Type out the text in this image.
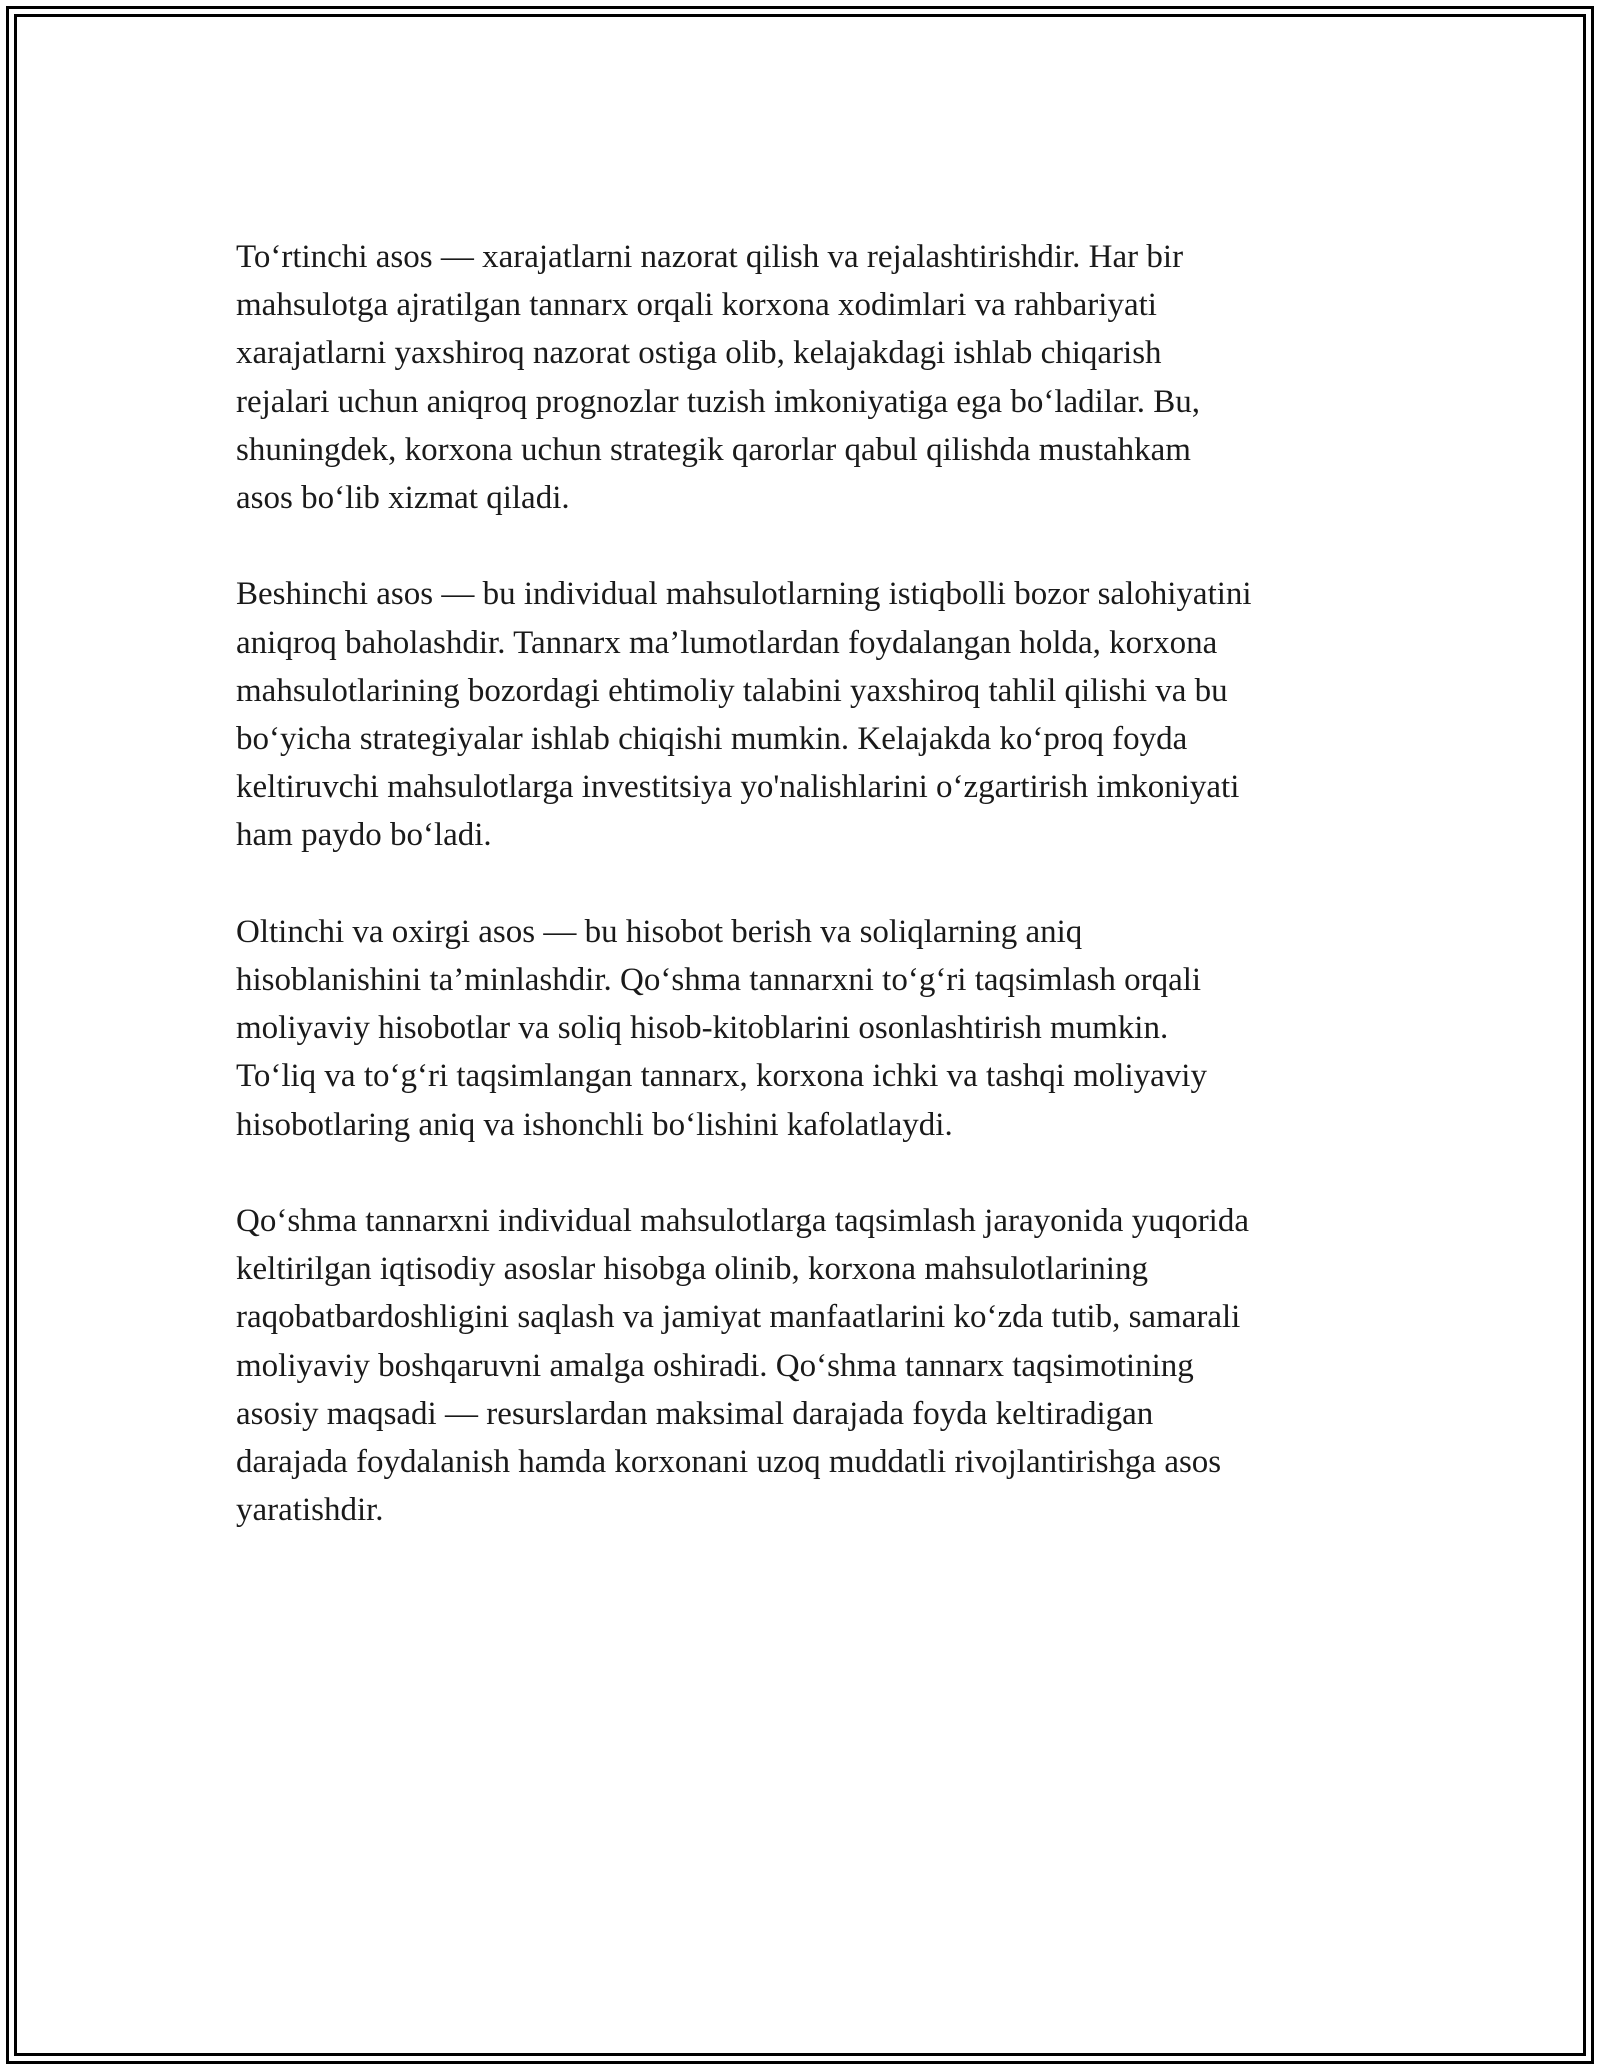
To‘rtinchi asos — xarajatlarni nazorat qilish va rejalashtirishdir. Har bir
mahsulotga ajratilgan tannarx orqali korxona xodimlari va rahbariyati
xarajatlarni yaxshiroq nazorat ostiga olib, kelajakdagi ishlab chiqarish
rejalari uchun aniqroq prognozlar tuzish imkoniyatiga ega bo‘ladilar. Bu,
shuningdek, korxona uchun strategik qarorlar qabul qilishda mustahkam
asos bo‘lib xizmat qiladi.

Beshinchi asos — bu individual mahsulotlarning istiqbolli bozor salohiyatini
aniqroq baholashdir. Tannarx ma’lumotlardan foydalangan holda, korxona
mahsulotlarining bozordagi ehtimoliy talabini yaxshiroq tahlil qilishi va bu
bo‘yicha strategiyalar ishlab chiqishi mumkin. Kelajakda ko‘proq foyda
keltiruvchi mahsulotlarga investitsiya yo'nalishlarini o‘zgartirish imkoniyati
ham paydo bo‘ladi.

Oltinchi va oxirgi asos — bu hisobot berish va soliqlarning aniq
hisoblanishini ta’minlashdir. Qo‘shma tannarxni to‘g‘ri taqsimlash orqali
moliyaviy hisobotlar va soliq hisob-kitoblarini osonlashtirish mumkin.
To‘liq va to‘g‘ri taqsimlangan tannarx, korxona ichki va tashqi moliyaviy
hisobotlaring aniq va ishonchli bo‘lishini kafolatlaydi.

Qo‘shma tannarxni individual mahsulotlarga taqsimlash jarayonida yuqorida
keltirilgan iqtisodiy asoslar hisobga olinib, korxona mahsulotlarining
raqobatbardoshligini saqlash va jamiyat manfaatlarini ko‘zda tutib, samarali
moliyaviy boshqaruvni amalga oshiradi. Qo‘shma tannarx taqsimotining
asosiy maqsadi — resurslardan maksimal darajada foyda keltiradigan
darajada foydalanish hamda korxonani uzoq muddatli rivojlantirishga asos
yaratishdir.
